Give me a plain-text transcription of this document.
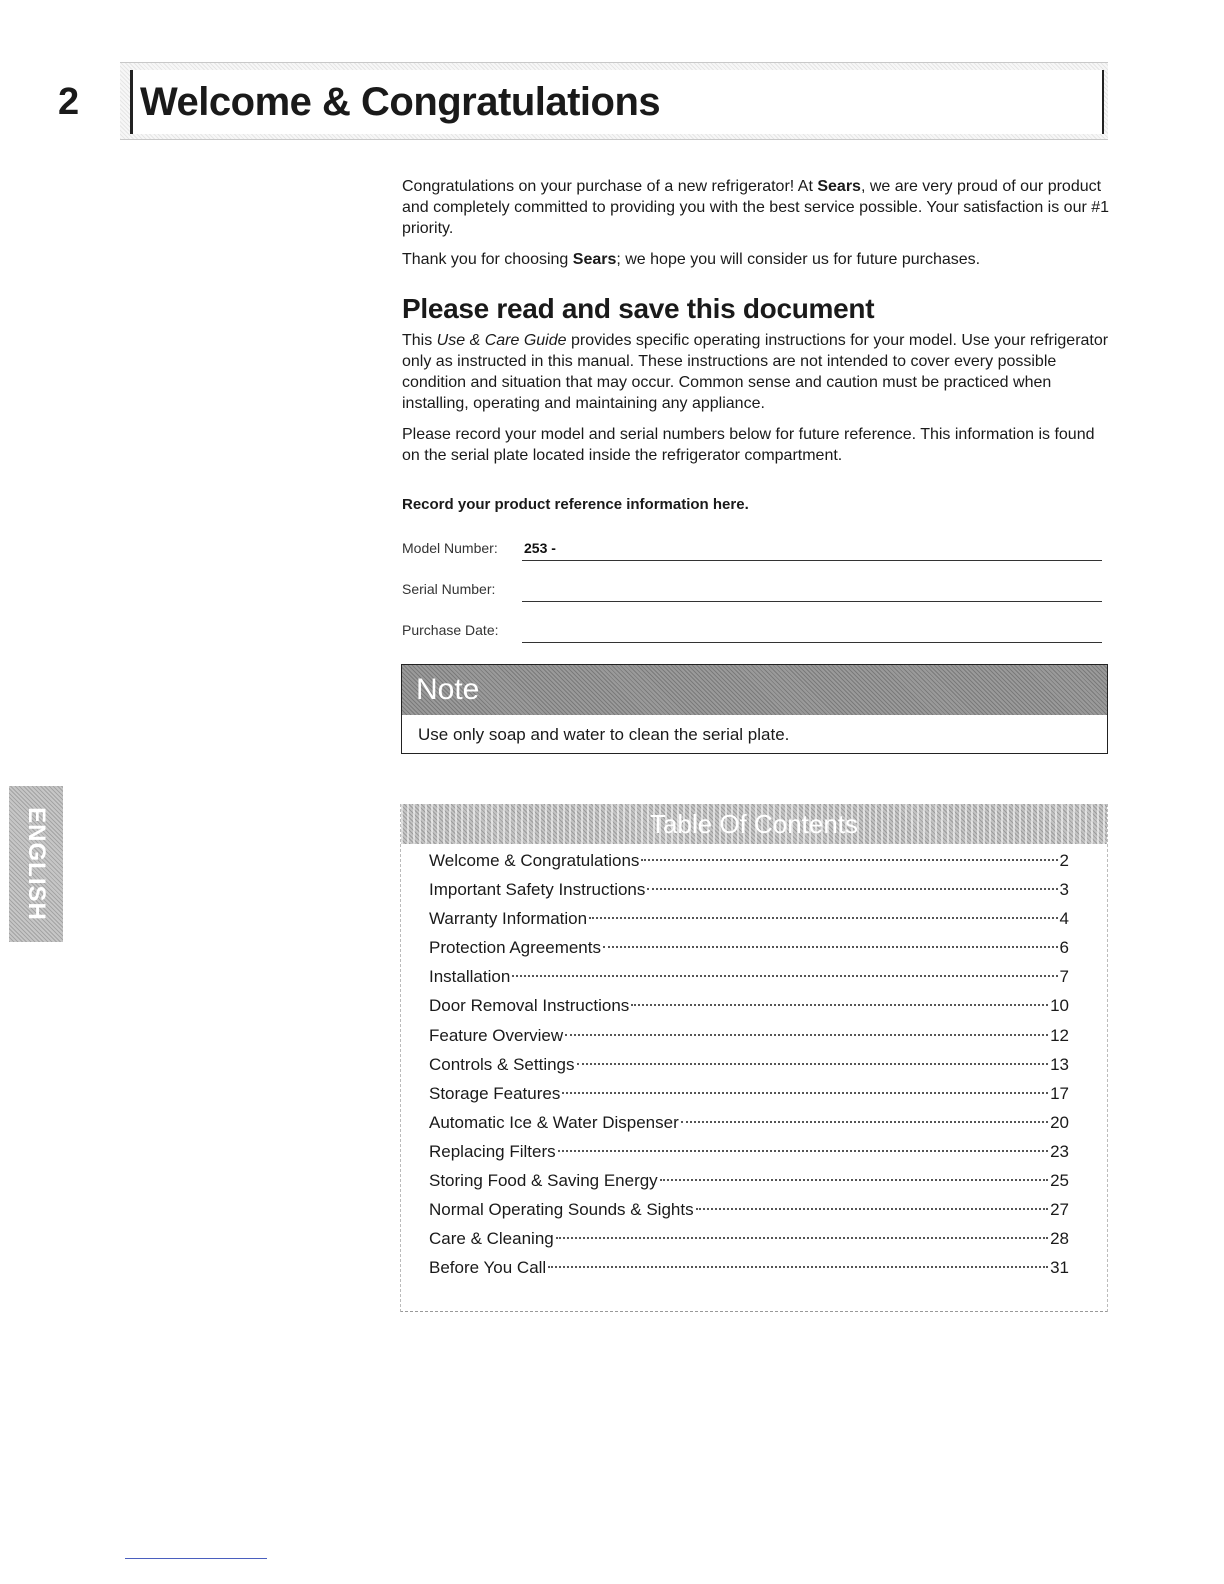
2 Welcome & Congratulations

Congratulations on your purchase of a new refrigerator! At Sears, we are very proud of our product and completely committed to providing you with the best service possible. Your satisfaction is our #1 priority.

Thank you for choosing Sears; we hope you will consider us for future purchases.

Please read and save this document

This Use & Care Guide provides specific operating instructions for your model. Use your refrigerator only as instructed in this manual. These instructions are not intended to cover every possible condition and situation that may occur. Common sense and caution must be practiced when installing, operating and maintaining any appliance.

Please record your model and serial numbers below for future reference. This information is found on the serial plate located inside the refrigerator compartment.

Record your product reference information here.
Model Number: 253 -
Serial Number:
Purchase Date:
Note
Use only soap and water to clean the serial plate.
Table Of Contents
Welcome & Congratulations	2
Important Safety Instructions	3
Warranty Information	4
Protection Agreements	6
Installation	7
Door Removal Instructions	10
Feature Overview	12
Controls & Settings	13
Storage Features	17
Automatic Ice & Water Dispenser	20
Replacing Filters	23
Storing Food & Saving Energy	25
Normal Operating Sounds & Sights	27
Care & Cleaning	28
Before You Call	31
ENGLISH
